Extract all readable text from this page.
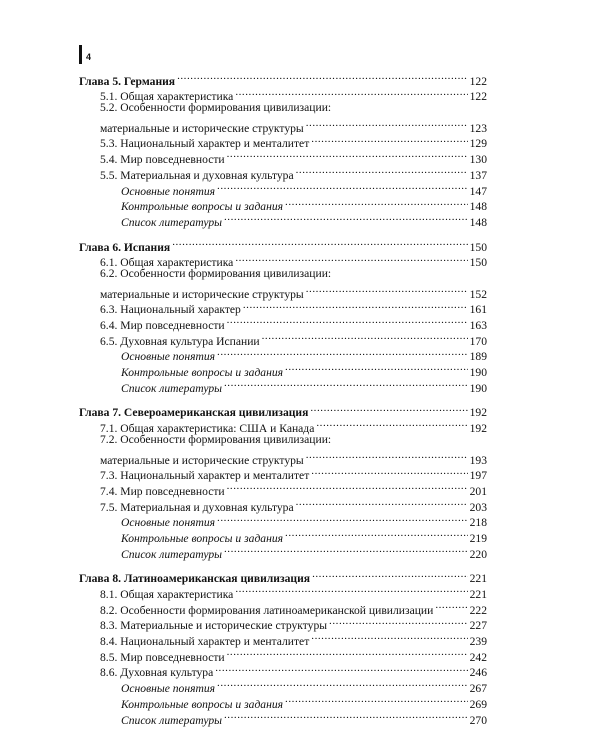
4
Глава 5. Германия . . .	122
5.1. Общая характеристика . . .	122
5.2. Особенности формирования цивилизации:
материальные и исторические структуры . . .	123
5.3. Национальный характер и менталитет . . .	129
5.4. Мир повседневности . . .	130
5.5. Материальная и духовная культура . . .	137
Основные понятия . . .	147
Контрольные вопросы и задания . . .	148
Список литературы . . .	148
Глава 6. Испания . . .	150
6.1. Общая характеристика . . .	150
6.2. Особенности формирования цивилизации:
материальные и исторические структуры . . .	152
6.3. Национальный характер . . .	161
6.4. Мир повседневности . . .	163
6.5. Духовная культура Испании . . .	170
Основные понятия . . .	189
Контрольные вопросы и задания . . .	190
Список литературы . . .	190
Глава 7. Североамериканская цивилизация . . .	192
7.1. Общая характеристика: США и Канада . . .	192
7.2. Особенности формирования цивилизации:
материальные и исторические структуры . . .	193
7.3. Национальный характер и менталитет . . .	197
7.4. Мир повседневности . . .	201
7.5. Материальная и духовная культура . . .	203
Основные понятия . . .	218
Контрольные вопросы и задания . . .	219
Список литературы . . .	220
Глава 8. Латиноамериканская цивилизация . . .	221
8.1. Общая характеристика . . .	221
8.2. Особенности формирования латиноамериканской цивилизации . . .	222
8.3. Материальные и исторические структуры . . .	227
8.4. Национальный характер и менталитет . . .	239
8.5. Мир повседневности . . .	242
8.6. Духовная культура . . .	246
Основные понятия . . .	267
Контрольные вопросы и задания . . .	269
Список литературы . . .	270
